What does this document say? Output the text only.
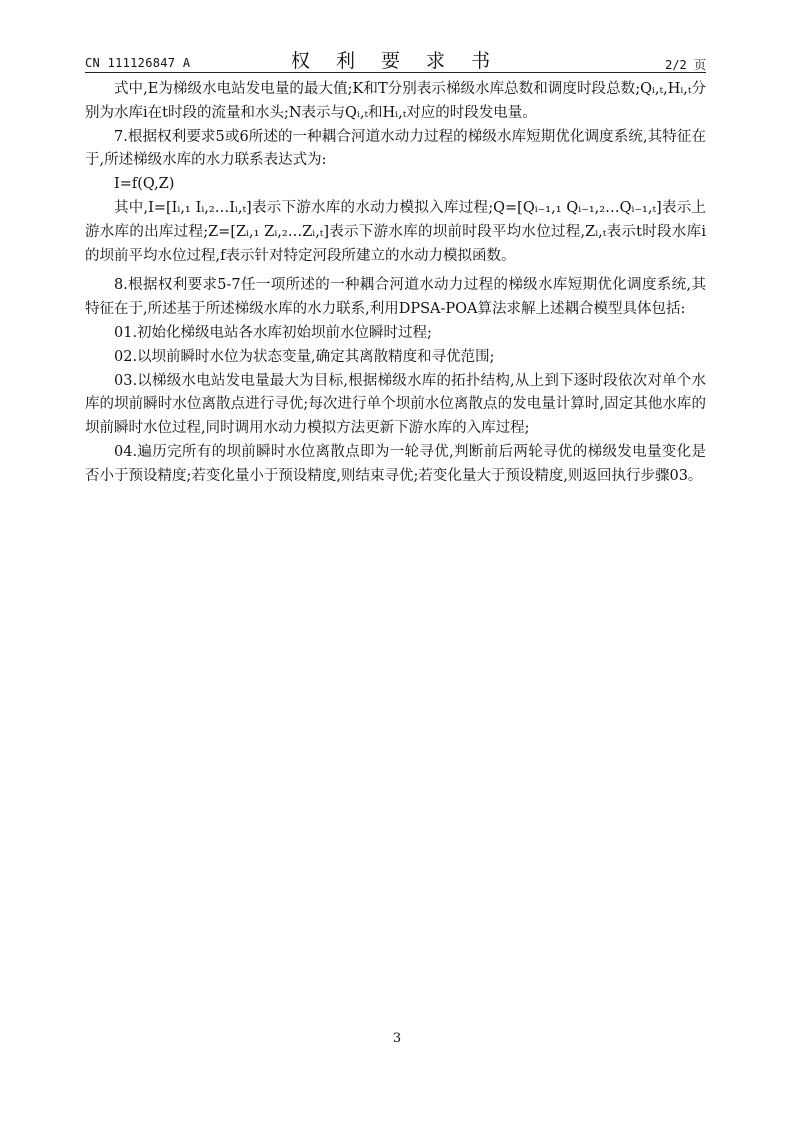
CN 111126847 A	权 利 要 求 书	2/2 页

式中,E为梯级水电站发电量的最大值;K和T分别表示梯级水库总数和调度时段总数;Qᵢ,ₜ,Hᵢ,ₜ分别为水库i在t时段的流量和水头;N表示与Qᵢ,ₜ和Hᵢ,ₜ对应的时段发电量。

7.根据权利要求5或6所述的一种耦合河道水动力过程的梯级水库短期优化调度系统,其特征在于,所述梯级水库的水力联系表达式为:

I=f(Q,Z)

其中,I=[Iᵢ,₁ Iᵢ,₂…Iᵢ,ₜ]表示下游水库的水动力模拟入库过程;Q=[Qᵢ₋₁,₁ Qᵢ₋₁,₂…Qᵢ₋₁,ₜ]表示上游水库的出库过程;Z=[Zᵢ,₁ Zᵢ,₂…Zᵢ,ₜ]表示下游水库的坝前时段平均水位过程,Zᵢ,ₜ表示t时段水库i的坝前平均水位过程,f表示针对特定河段所建立的水动力模拟函数。

8.根据权利要求5-7任一项所述的一种耦合河道水动力过程的梯级水库短期优化调度系统,其特征在于,所述基于所述梯级水库的水力联系,利用DPSA-POA算法求解上述耦合模型具体包括:

01.初始化梯级电站各水库初始坝前水位瞬时过程;

02.以坝前瞬时水位为状态变量,确定其离散精度和寻优范围;

03.以梯级水电站发电量最大为目标,根据梯级水库的拓扑结构,从上到下逐时段依次对单个水库的坝前瞬时水位离散点进行寻优;每次进行单个坝前水位离散点的发电量计算时,固定其他水库的坝前瞬时水位过程,同时调用水动力模拟方法更新下游水库的入库过程;

04.遍历完所有的坝前瞬时水位离散点即为一轮寻优,判断前后两轮寻优的梯级发电量变化是否小于预设精度;若变化量小于预设精度,则结束寻优;若变化量大于预设精度,则返回执行步骤03。

3
